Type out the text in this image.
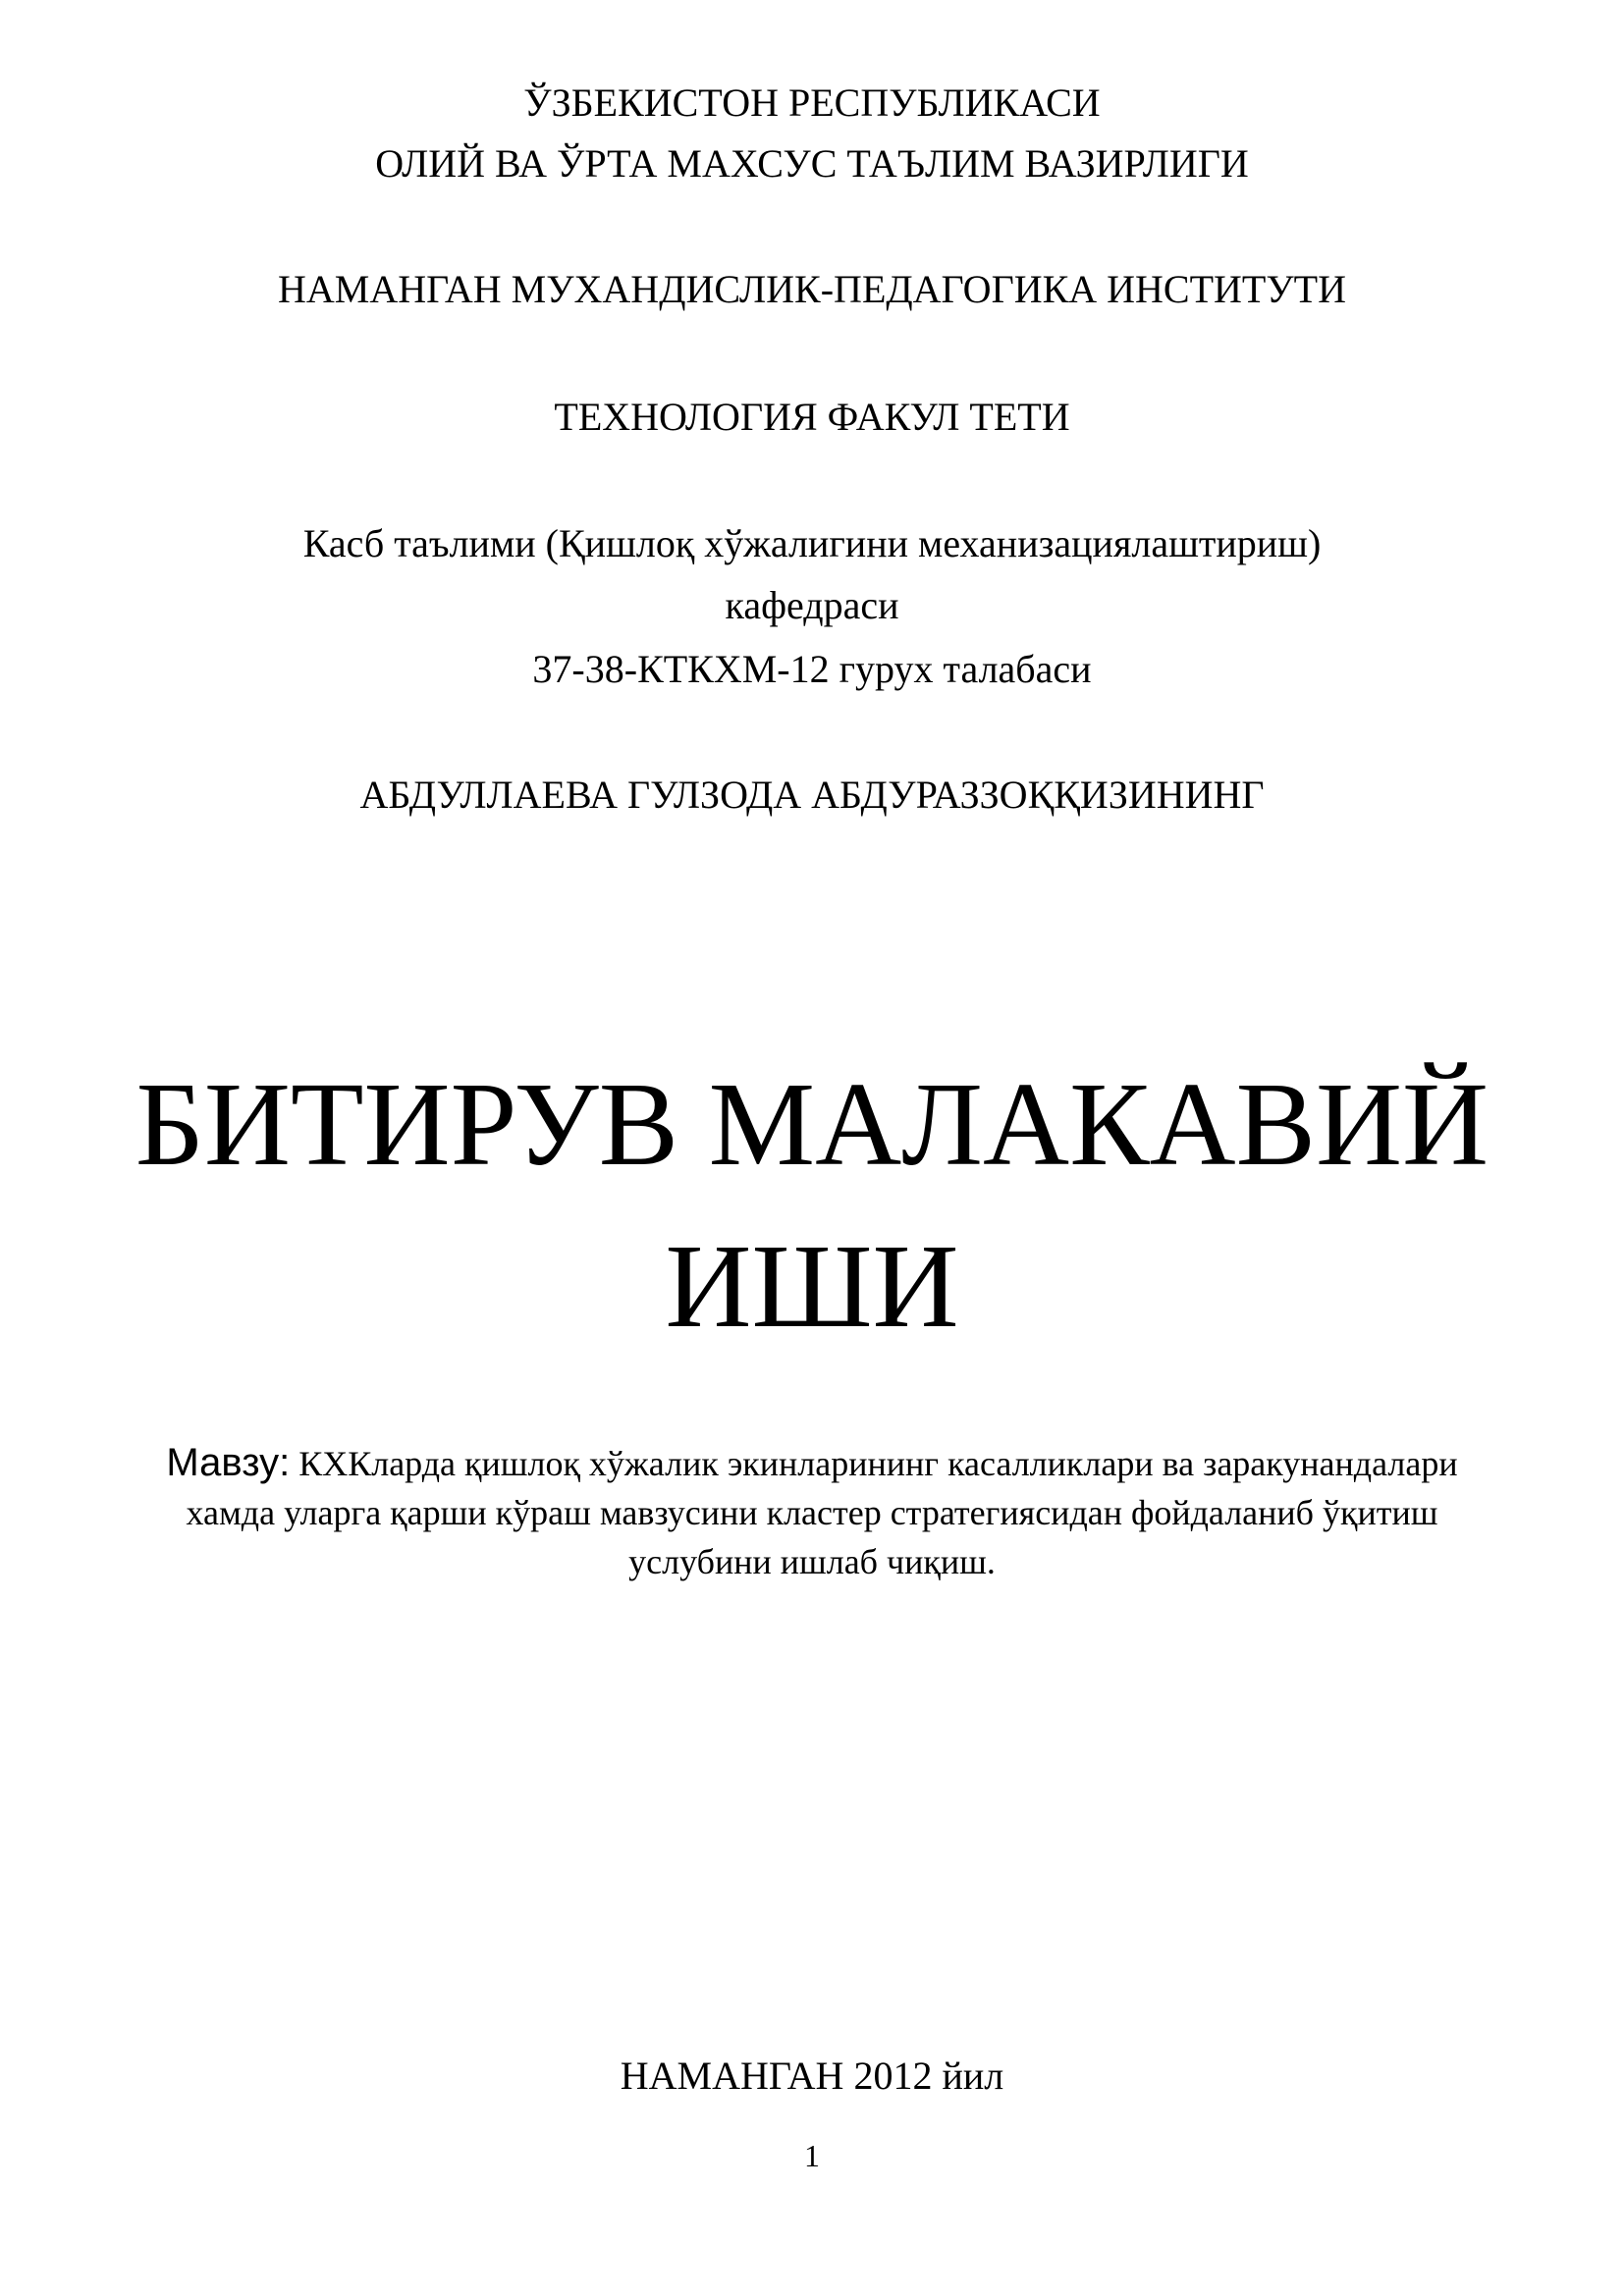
ЎЗБЕКИСТОН РЕСПУБЛИКАСИ
ОЛИЙ ВА ЎРТА МАХСУС ТАЪЛИМ ВАЗИРЛИГИ
НАМАНГАН МУХАНДИСЛИК-ПЕДАГОГИКА ИНСТИТУТИ
ТЕХНОЛОГИЯ ФАКУЛ ТЕТИ
Касб таълими (Қишлоқ хўжалигини механизациялаштириш)
кафедраси
37-38-КТКХМ-12 гурух талабаси
АБДУЛЛАЕВА ГУЛЗОДА АБДУРАЗЗОҚҚИЗИНИНГ
БИТИРУВ МАЛАКАВИЙ
ИШИ
Мавзу: КХКларда қишлоқ хўжалик экинларининг касалликлари ва заракунандалари
хамда уларга қарши кўраш мавзусини кластер стратегиясидан фойдаланиб ўқитиш
услубини ишлаб чиқиш.
НАМАНГАН 2012 йил
1
